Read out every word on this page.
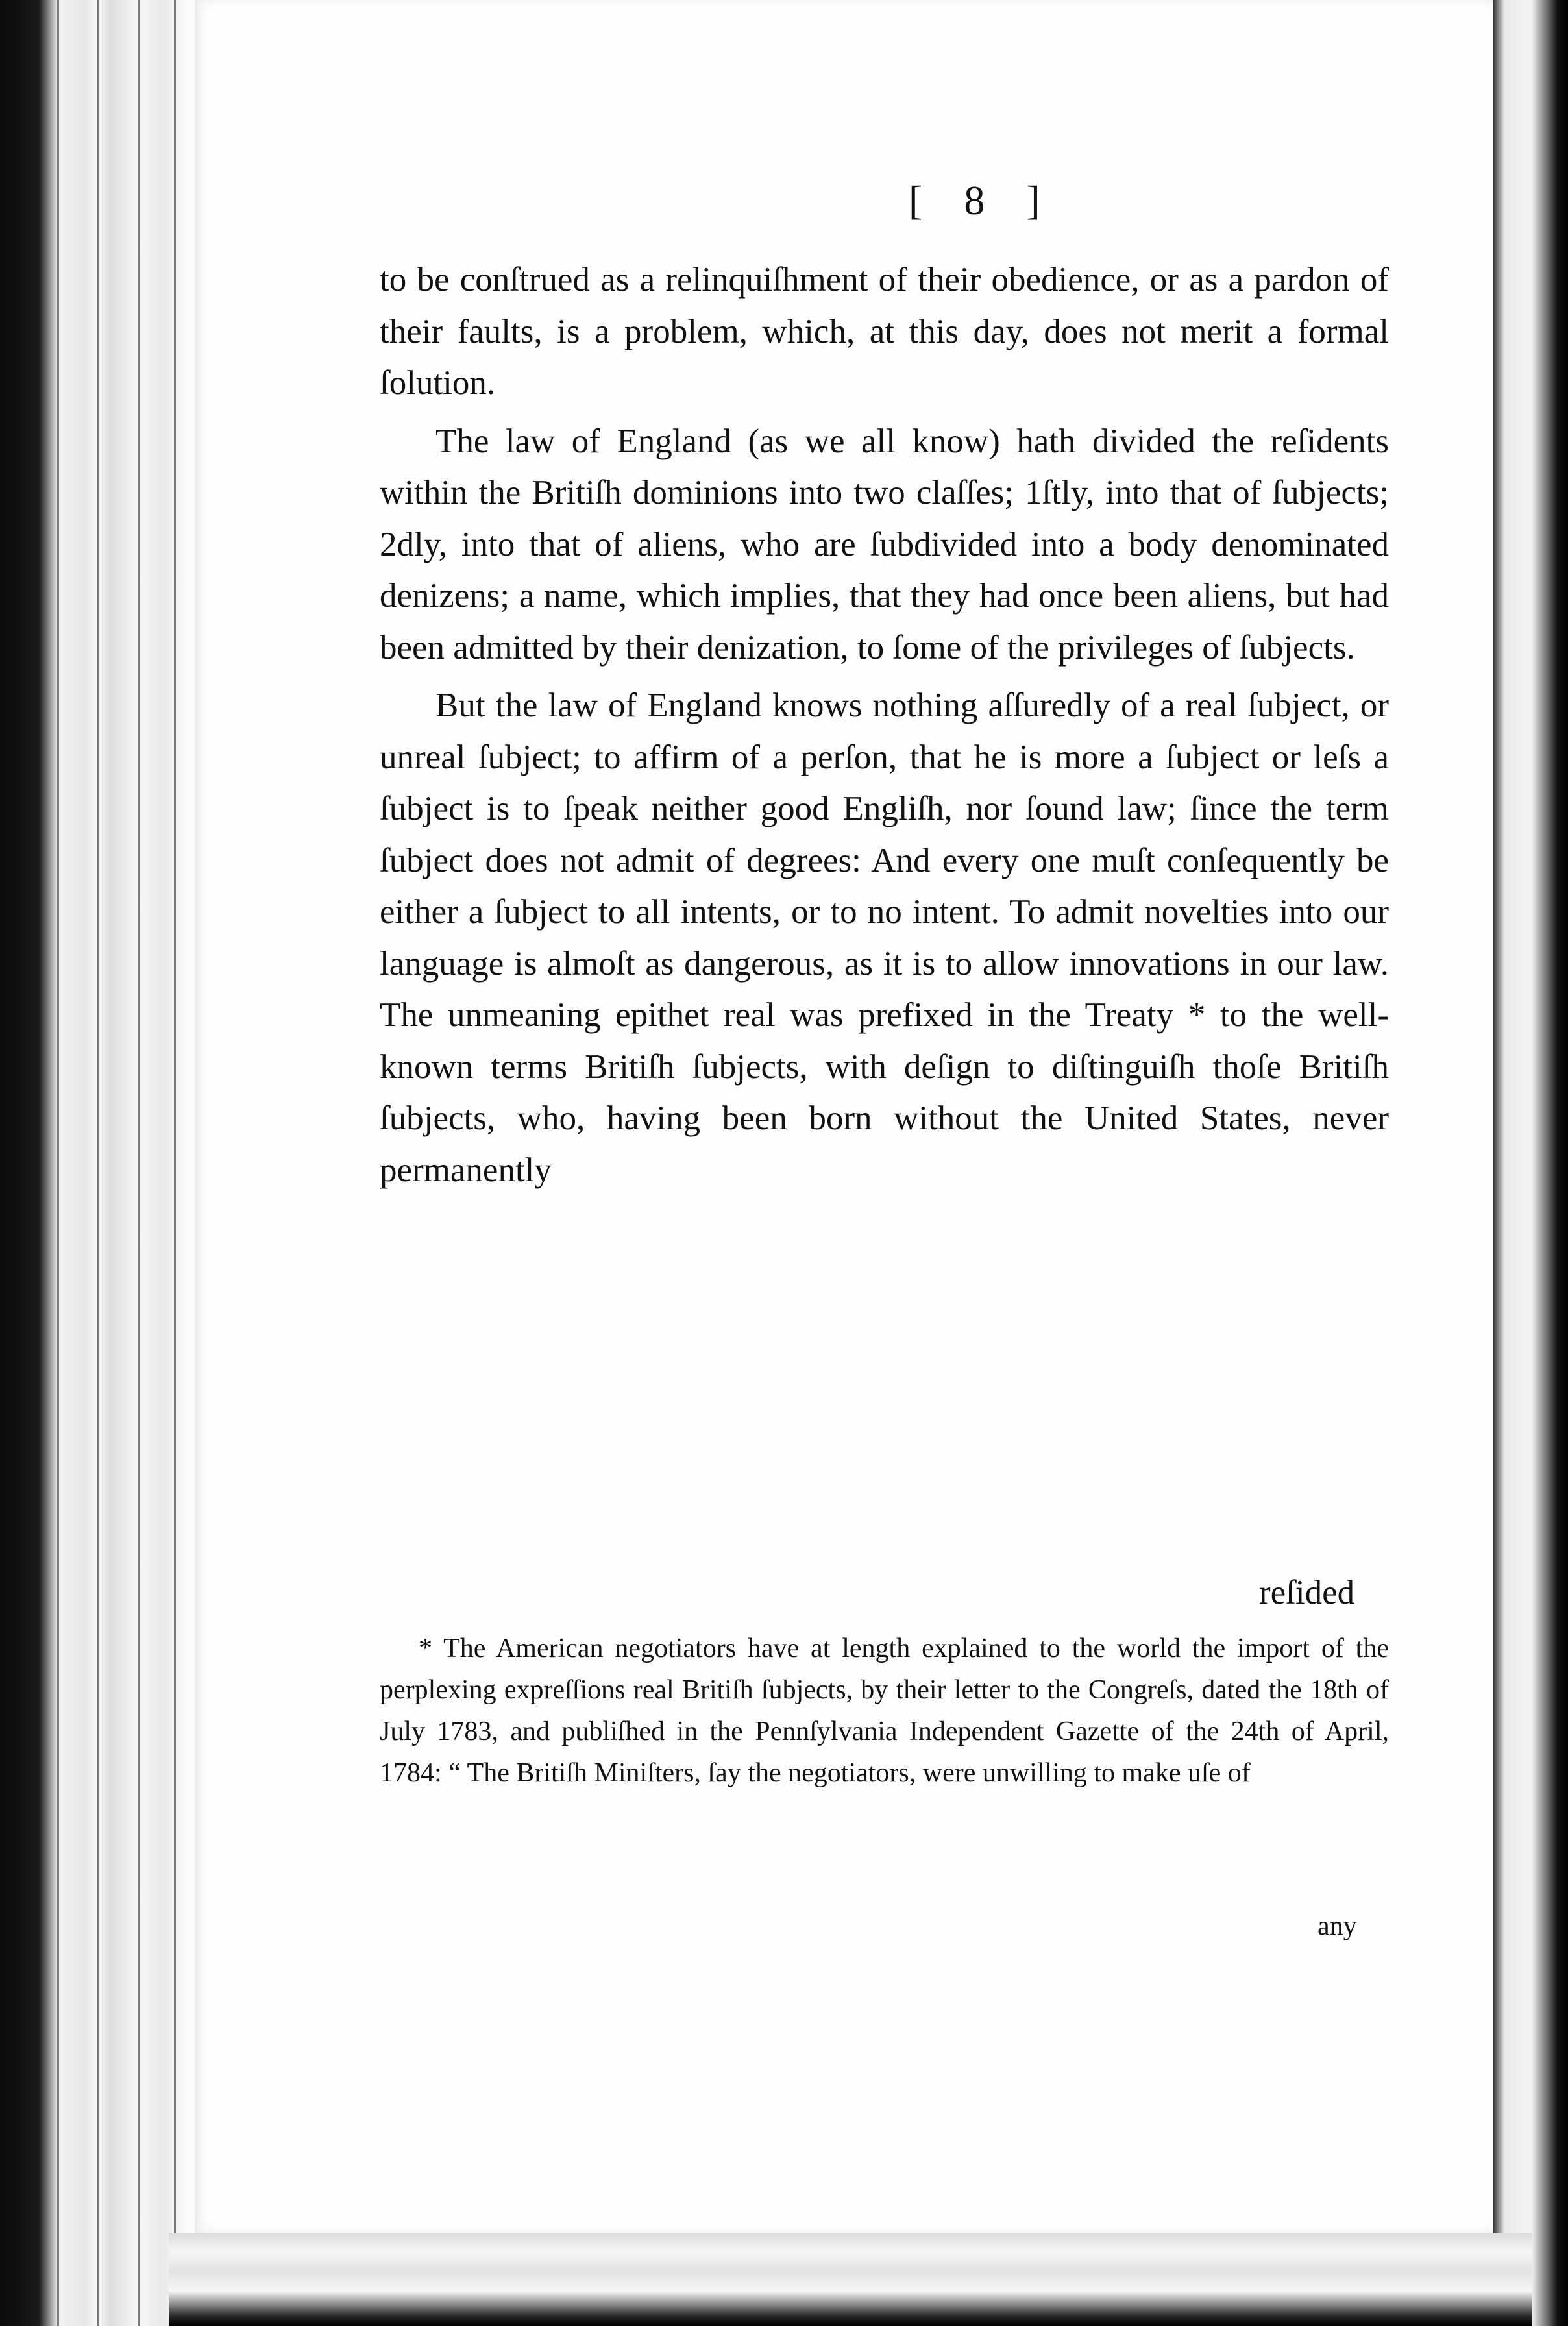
[ 8 ]

to be conſtrued as a relinquiſhment of their obedience, or as a pardon of their faults, is a problem, which, at this day, does not merit a formal ſolution.

The law of England (as we all know) hath divided the reſidents within the Britiſh dominions into two claſſes; 1ſtly, into that of ſubjects; 2dly, into that of aliens, who are ſubdivided into a body denominated denizens; a name, which implies, that they had once been aliens, but had been admitted by their denization, to ſome of the privileges of ſubjects.

But the law of England knows nothing aſſuredly of a real ſubject, or unreal ſubject; to affirm of a perſon, that he is more a ſubject or leſs a ſubject is to ſpeak neither good Engliſh, nor ſound law; ſince the term ſubject does not admit of degrees: And every one muſt conſequently be either a ſubject to all intents, or to no intent. To admit novelties into our language is almoſt as dangerous, as it is to allow innovations in our law. The unmeaning epithet real was prefixed in the Treaty * to the well-known terms Britiſh ſubjects, with deſign to diſtinguiſh thoſe Britiſh ſubjects, who, having been born without the United States, never permanently

reſided

* The American negotiators have at length explained to the world the import of the perplexing expreſſions real Britiſh ſubjects, by their letter to the Congreſs, dated the 18th of July 1783, and publiſhed in the Pennſylvania Independent Gazette of the 24th of April, 1784: “ The Britiſh Miniſters, ſay the negotiators, were unwilling to make uſe of

any
